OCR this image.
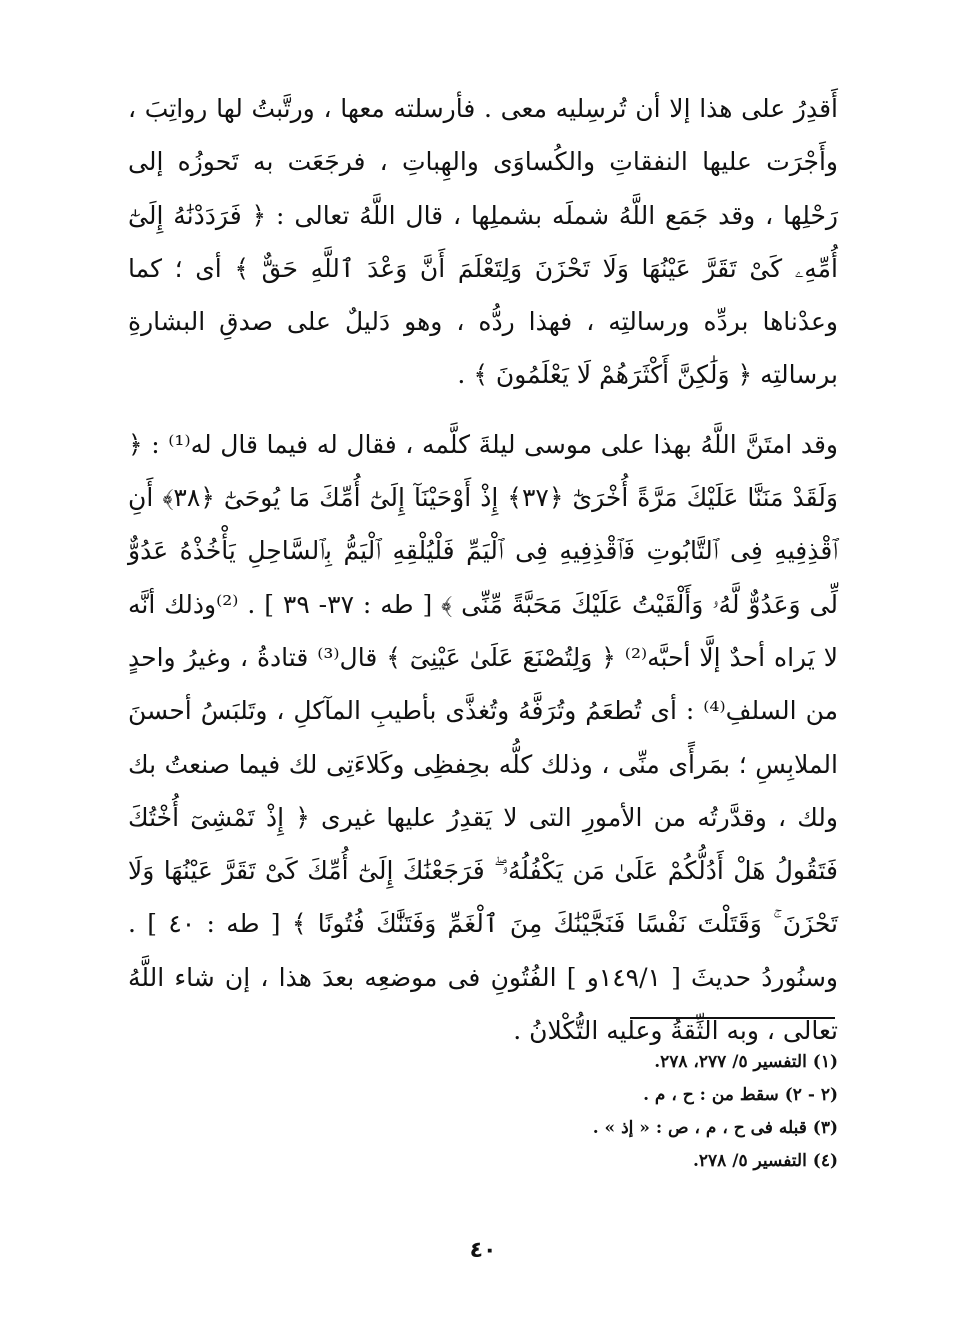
أَقدِرُ على هذا إلا أن تُرسِليه معى . فأرسلته معها ، ورتَّبتُ لها رواتِبَ ، وأَجْرَت عليها النفقاتِ والكُساوَى والهِباتِ ، فرجَعَت به تَحوزُه إلى رَحْلِها ، وقد جَمَع اللَّهُ شملَه بشملِها ، قال اللَّهُ تعالى : ﴿ فَرَدَدْنَٰهُ إِلَىٰٓ أُمِّهِۦ كَىْ تَقَرَّ عَيْنُهَا وَلَا تَحْزَنَ وَلِتَعْلَمَ أَنَّ وَعْدَ ٱللَّهِ حَقٌّ ﴾ أى ؛ كما وعدْناها بردِّه ورسالتِه ، فهذا ردُّه ، وهو دَليلٌ على صدقِ البشارةِ برسالتِه ﴿ وَلَٰكِنَّ أَكْثَرَهُمْ لَا يَعْلَمُونَ ﴾ .

وقد امتَنَّ اللَّهُ بهذا على موسى ليلةَ كلَّمه ، فقال له فيما قال له⁽¹⁾ : ﴿ وَلَقَدْ مَنَنَّا عَلَيْكَ مَرَّةً أُخْرَىٰٓ ﴿٣٧﴾ إِذْ أَوْحَيْنَآ إِلَىٰٓ أُمِّكَ مَا يُوحَىٰٓ ﴿٣٨﴾ أَنِ ٱقْذِفِيهِ فِى ٱلتَّابُوتِ فَٱقْذِفِيهِ فِى ٱلْيَمِّ فَلْيُلْقِهِ ٱلْيَمُّ بِٱلسَّاحِلِ يَأْخُذْهُ عَدُوٌّ لِّى وَعَدُوٌّ لَّهُۥ وَأَلْقَيْتُ عَلَيْكَ مَحَبَّةً مِّنِّى ﴾ [ طه : ٣٧- ٣٩ ] . ⁽²⁾وذلك أنَّه لا يَراه أحدٌ إلَّا أحبَّه⁽²⁾ ﴿ وَلِتُصْنَعَ عَلَىٰ عَيْنِىٓ ﴾ قال⁽³⁾ قتادةُ ، وغيرُ واحدٍ من السلفِ⁽⁴⁾ : أى تُطعَمُ وتُرَفَّهُ وتُغذَّى بأطيبِ المآكلِ ، وتَلبَسُ أحسنَ الملابِسِ ؛ بمَرأًى منِّى ، وذلك كلُّه بحِفظِى وكَلاءَتِى لك فيما صنعتُ بك ولك ، وقدَّرتُه من الأمورِ التى لا يَقدِرُ عليها غيرى ﴿ إِذْ تَمْشِىٓ أُخْتُكَ فَتَقُولُ هَلْ أَدُلُّكُمْ عَلَىٰ مَن يَكْفُلُهُۥ ۖ فَرَجَعْنَٰكَ إِلَىٰٓ أُمِّكَ كَىْ تَقَرَّ عَيْنُهَا وَلَا تَحْزَنَ ۚ وَقَتَلْتَ نَفْسًا فَنَجَّيْنَٰكَ مِنَ ٱلْغَمِّ وَفَتَنَّٰكَ فُتُونًا ﴾ [ طه : ٤٠ ] . وسنُوردُ حديثَ [ ١٤٩/١و ] الفُتُونِ فى موضعِه بعدَ هذا ، إن شاء اللَّهُ تعالى ، وبه الثِّقةُ وعليه التُّكْلانُ .

(١) التفسير ٥/ ٢٧٧، ٢٧٨.

(٢ - ٢) سقط من : ح ، م .

(٣) قبله فى ح ، م ، ص : « إذ » .

(٤) التفسير ٥/ ٢٧٨.

٤٠
